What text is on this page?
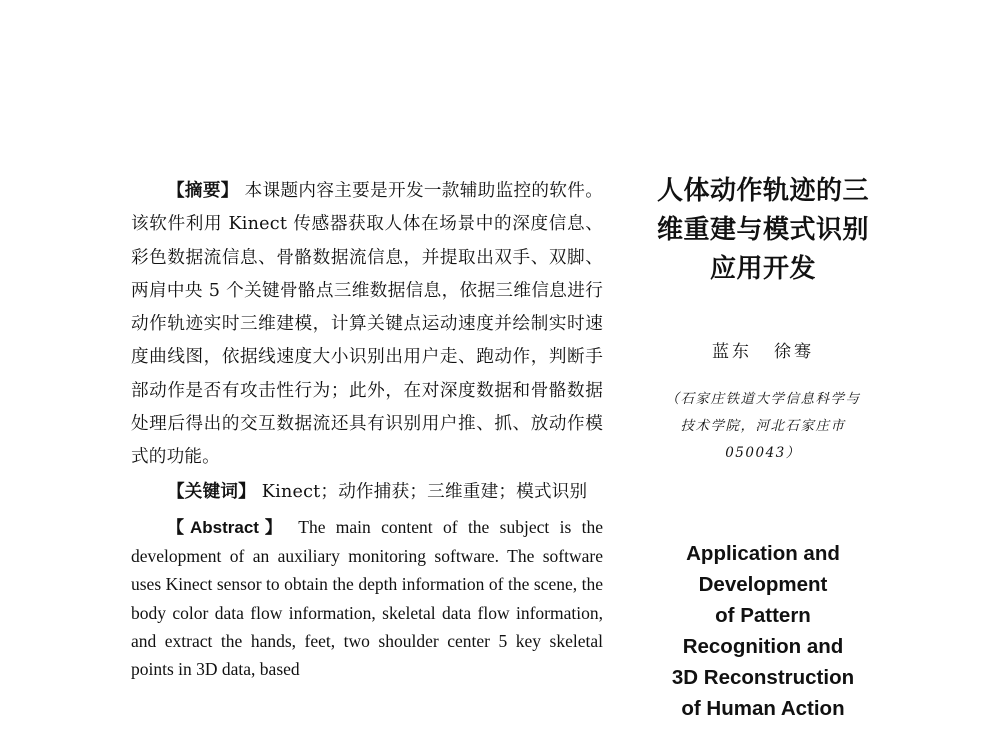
【摘要】 本课题内容主要是开发一款辅助监控的软件。该软件利用 Kinect 传感器获取人体在场景中的深度信息、彩色数据流信息、骨骼数据流信息，并提取出双手、双脚、两肩中央 5 个关键骨骼点三维数据信息，依据三维信息进行动作轨迹实时三维建模，计算关键点运动速度并绘制实时速度曲线图，依据线速度大小识别出用户走、跑动作，判断手部动作是否有攻击性行为；此外，在对深度数据和骨骼数据处理后得出的交互数据流还具有识别用户推、抓、放动作模式的功能。

【关键词】 Kinect；动作捕获；三维重建；模式识别

【Abstract】 The main content of the subject is the development of an auxiliary monitoring software. The software uses Kinect sensor to obtain the depth information of the scene, the body color data flow information, skeletal data flow information, and extract the hands, feet, two shoulder center 5 key skeletal points in 3D data, based

人体动作轨迹的三
维重建与模式识别
应用开发
蓝东 徐骞
（石家庄铁道大学信息科学与
技术学院，河北石家庄市
050043）
Application and
Development
of Pattern
Recognition and
3D Reconstruction
of Human Action
